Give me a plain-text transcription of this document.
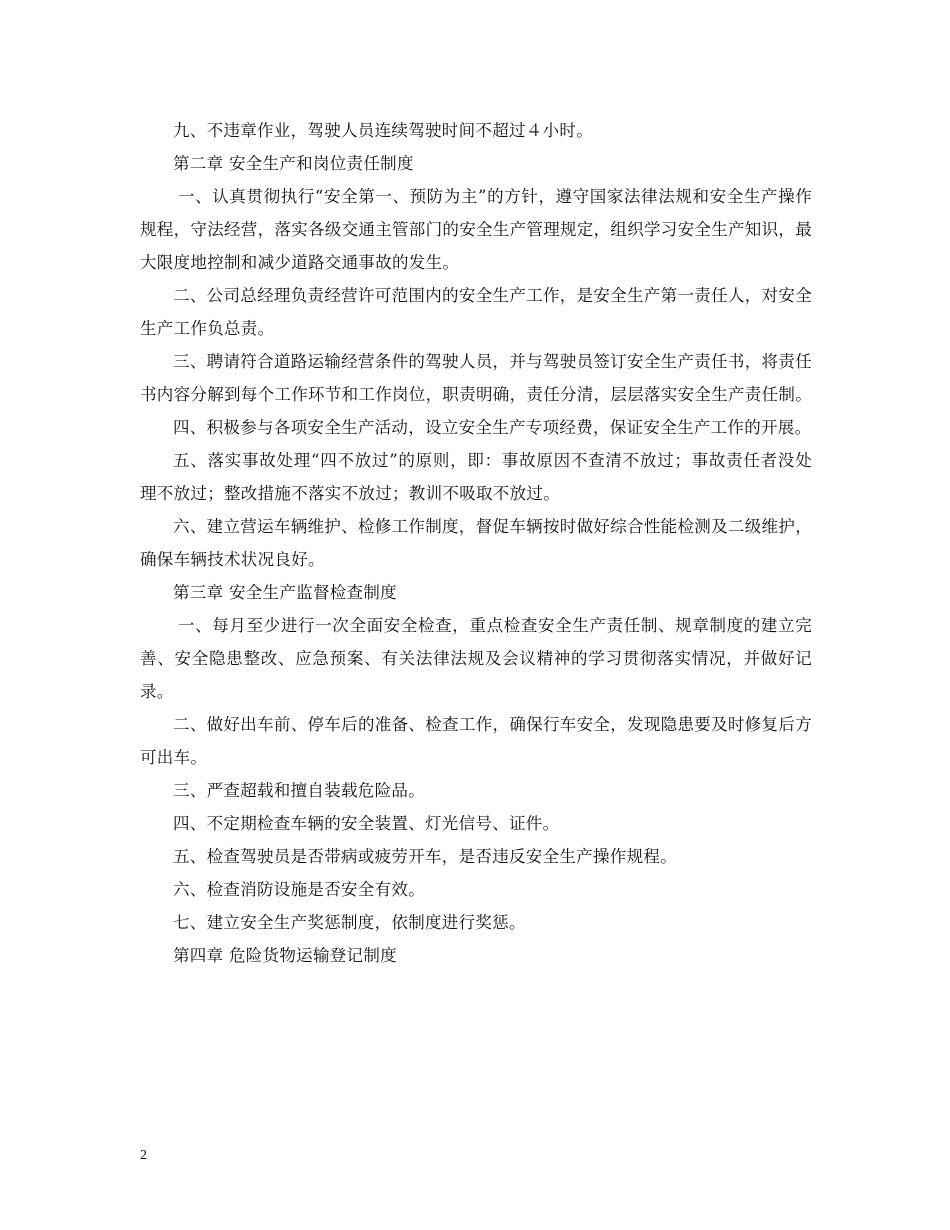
九、不违章作业，驾驶人员连续驾驶时间不超过４小时。

第二章 安全生产和岗位责任制度

一、认真贯彻执行“安全第一、预防为主”的方针，遵守国家法律法规和安全生产操作规程，守法经营，落实各级交通主管部门的安全生产管理规定，组织学习安全生产知识，最大限度地控制和减少道路交通事故的发生。

二、公司总经理负责经营许可范围内的安全生产工作，是安全生产第一责任人，对安全生产工作负总责。

三、聘请符合道路运输经营条件的驾驶人员，并与驾驶员签订安全生产责任书，将责任书内容分解到每个工作环节和工作岗位，职责明确，责任分清，层层落实安全生产责任制。

四、积极参与各项安全生产活动，设立安全生产专项经费，保证安全生产工作的开展。

五、落实事故处理“四不放过”的原则，即：事故原因不查清不放过；事故责任者没处理不放过；整改措施不落实不放过；教训不吸取不放过。

六、建立营运车辆维护、检修工作制度，督促车辆按时做好综合性能检测及二级维护，确保车辆技术状况良好。

第三章 安全生产监督检查制度

一、每月至少进行一次全面安全检查，重点检查安全生产责任制、规章制度的建立完善、安全隐患整改、应急预案、有关法律法规及会议精神的学习贯彻落实情况，并做好记录。

二、做好出车前、停车后的准备、检查工作，确保行车安全，发现隐患要及时修复后方可出车。

三、严查超载和擅自装载危险品。

四、不定期检查车辆的安全装置、灯光信号、证件。

五、检查驾驶员是否带病或疲劳开车，是否违反安全生产操作规程。

六、检查消防设施是否安全有效。

七、建立安全生产奖惩制度，依制度进行奖惩。

第四章 危险货物运输登记制度

2
